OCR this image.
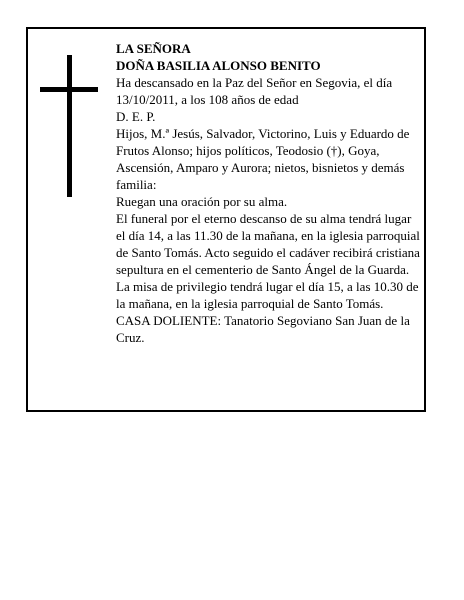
LA SEÑORA

DOÑA BASILIA ALONSO BENITO

Ha descansado en la Paz del Señor en Segovia, el día 13/10/2011, a los 108 años de edad

D. E. P.

Hijos, M.ª Jesús, Salvador, Victorino, Luis y Eduardo de Frutos Alonso; hijos políticos, Teodosio (†), Goya, Ascensión, Amparo y Aurora; nietos, bisnietos y demás familia:

Ruegan una oración por su alma.

El funeral por el eterno descanso de su alma tendrá lugar el día 14, a las 11.30 de la mañana, en la iglesia parroquial de Santo Tomás. Acto seguido el cadáver recibirá cristiana sepultura en el cementerio de Santo Ángel de la Guarda.

La misa de privilegio tendrá lugar el día 15, a las 10.30 de la mañana, en la iglesia parroquial de Santo Tomás.

CASA DOLIENTE: Tanatorio Segoviano San Juan de la Cruz.
